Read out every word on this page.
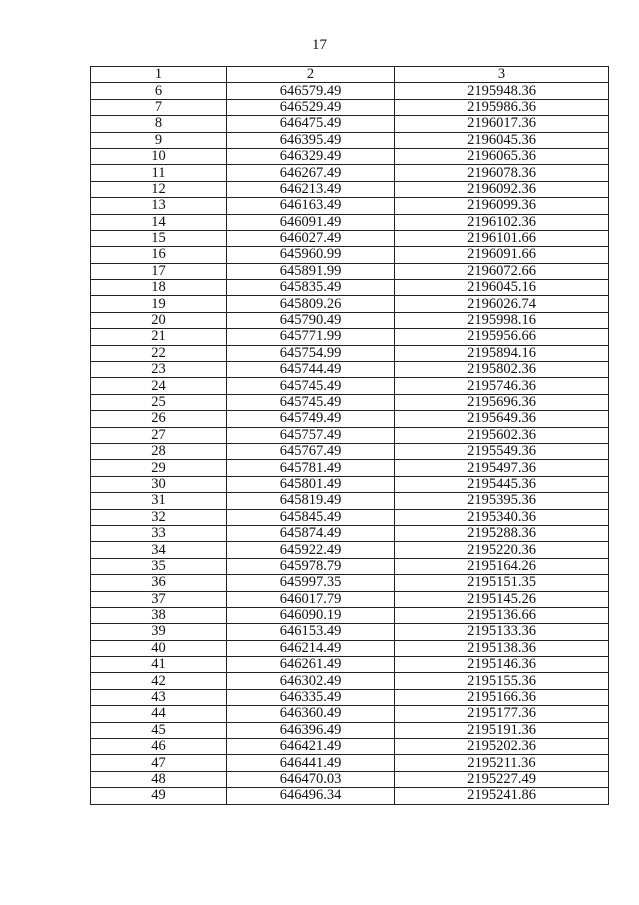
17
1	2	3
6	646579.49	2195948.36
7	646529.49	2195986.36
8	646475.49	2196017.36
9	646395.49	2196045.36
10	646329.49	2196065.36
11	646267.49	2196078.36
12	646213.49	2196092.36
13	646163.49	2196099.36
14	646091.49	2196102.36
15	646027.49	2196101.66
16	645960.99	2196091.66
17	645891.99	2196072.66
18	645835.49	2196045.16
19	645809.26	2196026.74
20	645790.49	2195998.16
21	645771.99	2195956.66
22	645754.99	2195894.16
23	645744.49	2195802.36
24	645745.49	2195746.36
25	645745.49	2195696.36
26	645749.49	2195649.36
27	645757.49	2195602.36
28	645767.49	2195549.36
29	645781.49	2195497.36
30	645801.49	2195445.36
31	645819.49	2195395.36
32	645845.49	2195340.36
33	645874.49	2195288.36
34	645922.49	2195220.36
35	645978.79	2195164.26
36	645997.35	2195151.35
37	646017.79	2195145.26
38	646090.19	2195136.66
39	646153.49	2195133.36
40	646214.49	2195138.36
41	646261.49	2195146.36
42	646302.49	2195155.36
43	646335.49	2195166.36
44	646360.49	2195177.36
45	646396.49	2195191.36
46	646421.49	2195202.36
47	646441.49	2195211.36
48	646470.03	2195227.49
49	646496.34	2195241.86
